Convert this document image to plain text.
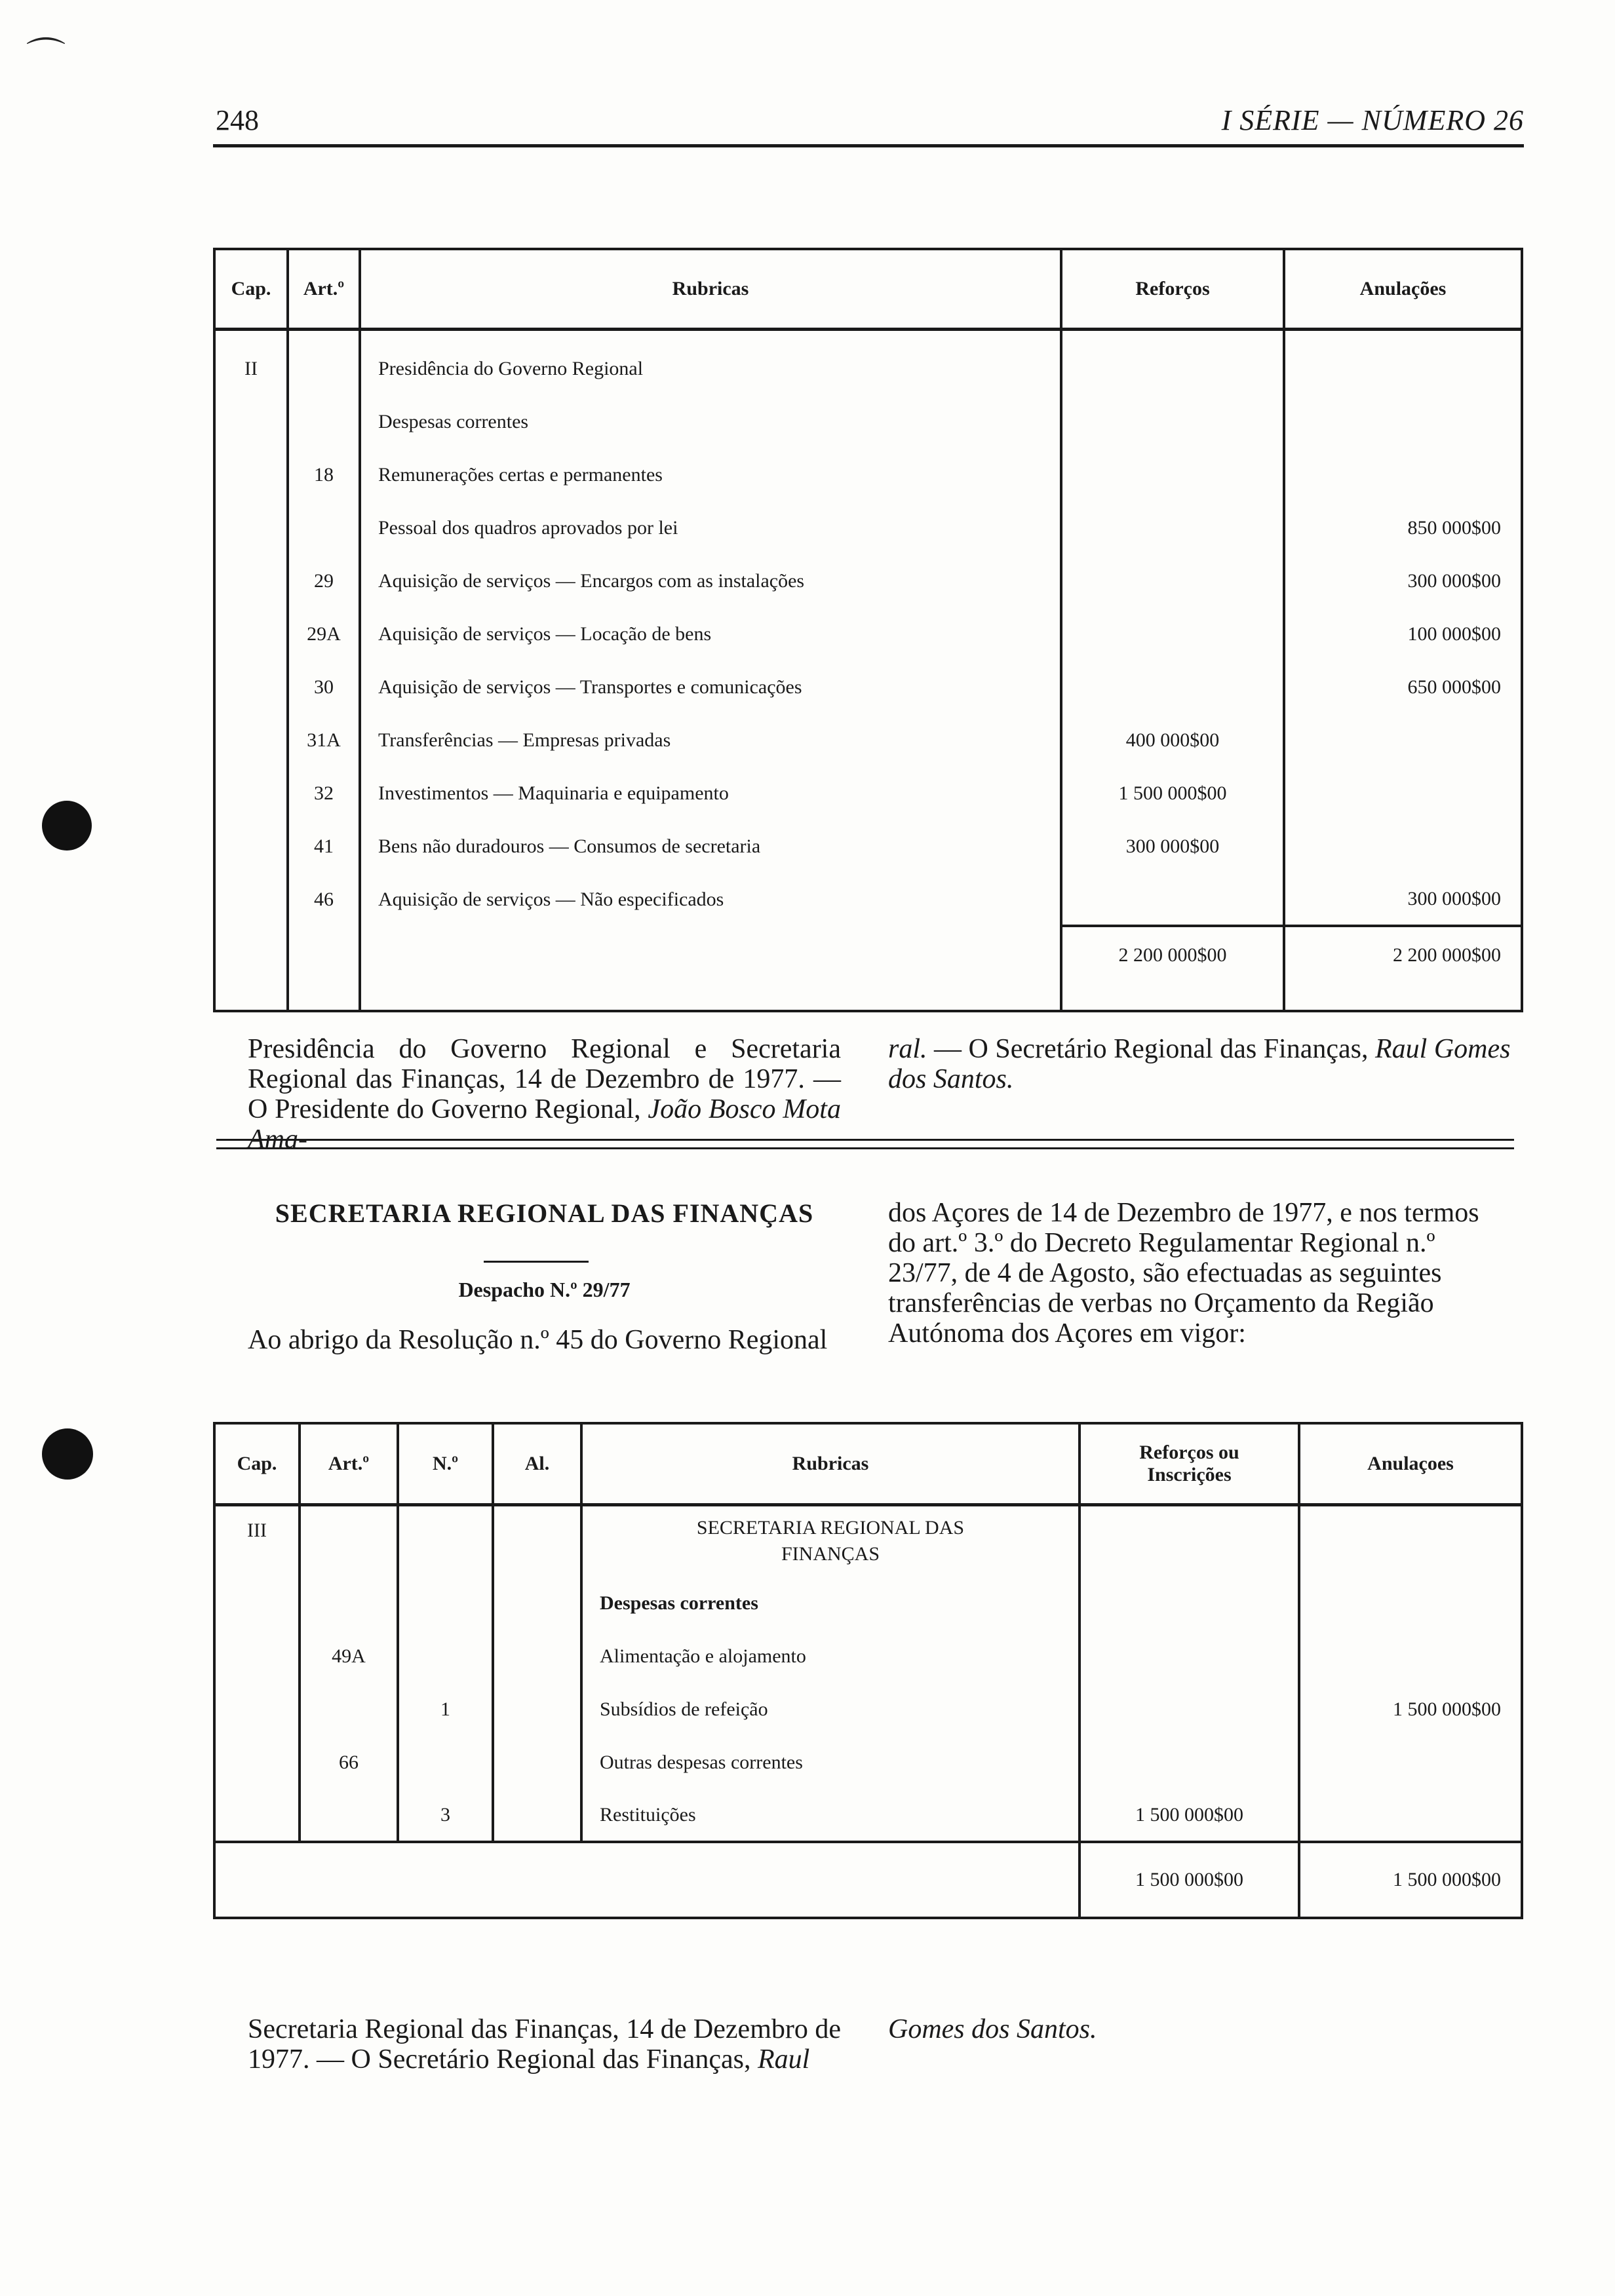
⌒
248	I SÉRIE — NÚMERO 26
Cap.	Art.º	Rubricas	Reforços	Anulações

II		Presidência do Governo Regional		
		Despesas correntes		
	18	Remunerações certas e permanentes		
		Pessoal dos quadros aprovados por lei		850 000$00
	29	Aquisição de serviços — Encargos com as instalações		300 000$00
	29A	Aquisição de serviços — Locação de bens		100 000$00
	30	Aquisição de serviços — Transportes e comunicações		650 000$00
	31A	Transferências — Empresas privadas	400 000$00	
	32	Investimentos — Maquinaria e equipamento	1 500 000$00	
	41	Bens não duradouros — Consumos de secretaria	300 000$00	
	46	Aquisição de serviços — Não especificados		300 000$00
			2 200 000$00	2 200 000$00
Presidência do Governo Regional e Secretaria Regional das Finanças, 14 de Dezembro de 1977. — O Presidente do Governo Regional, João Bosco Mota Ama-
ral. — O Secretário Regional das Finanças, Raul Gomes dos Santos.
SECRETARIA REGIONAL DAS FINANÇAS
Despacho N.º 29/77
Ao abrigo da Resolução n.º 45 do Governo Regional
dos Açores de 14 de Dezembro de 1977, e nos termos do art.º 3.º do Decreto Regulamentar Regional n.º 23/77, de 4 de Agosto, são efectuadas as seguintes transferências de verbas no Orçamento da Região Autónoma dos Açores em vigor:
Cap.	Art.º	N.º	Al.	Rubricas	Reforços ou Inscrições	Anulaçoes
III				SECRETARIA REGIONAL DAS FINANÇAS		
				Despesas correntes		
	49A			Alimentação e alojamento		
		1		Subsídios de refeição		1 500 000$00
	66			Outras despesas correntes		
		3		Restituições	1 500 000$00	
					1 500 000$00	1 500 000$00
Secretaria Regional das Finanças, 14 de Dezembro de 1977. — O Secretário Regional das Finanças, Raul
Gomes dos Santos.
